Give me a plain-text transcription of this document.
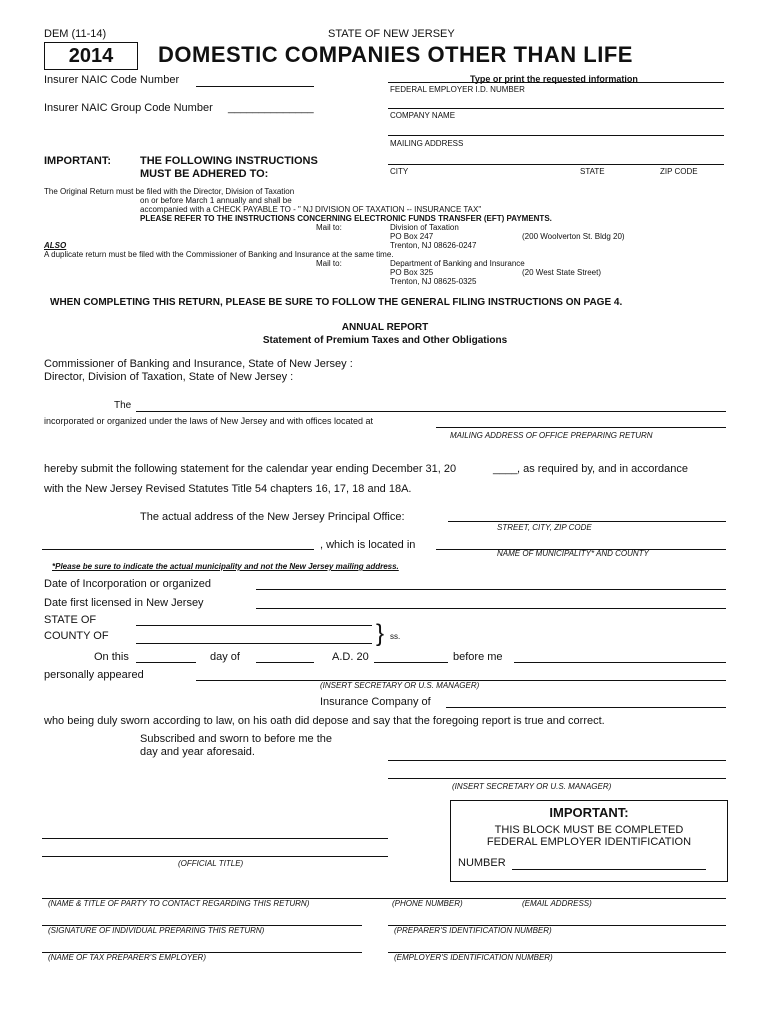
DEM (11-14)	STATE OF NEW JERSEY
2014	DOMESTIC COMPANIES OTHER THAN LIFE
Insurer NAIC Code Number
Insurer NAIC Group Code Number ______________
Type or print the requested information
FEDERAL EMPLOYER I.D. NUMBER
COMPANY NAME
MAILING ADDRESS
CITY	STATE	ZIP CODE
IMPORTANT:	THE FOLLOWING INSTRUCTIONS
MUST BE ADHERED TO:
The Original Return must be filed with the Director, Division of Taxation
on or before March 1 annually and shall be
accompanied with a CHECK PAYABLE TO - " NJ DIVISION OF TAXATION -- INSURANCE TAX"
PLEASE REFER TO THE INSTRUCTIONS CONCERNING ELECTRONIC FUNDS TRANSFER (EFT) PAYMENTS.
Mail to:	Division of Taxation
PO Box 247	(200 Woolverton St. Bldg 20)
ALSO	Trenton, NJ 08626-0247
A duplicate return must be filed with the Commissioner of Banking and Insurance at the same time.
Mail to:	Department of Banking and Insurance
PO Box 325	(20 West State Street)
Trenton, NJ 08625-0325
WHEN COMPLETING THIS RETURN, PLEASE BE SURE TO FOLLOW THE GENERAL FILING INSTRUCTIONS ON PAGE 4.
ANNUAL REPORT
Statement of Premium Taxes and Other Obligations
Commissioner of Banking and Insurance, State of New Jersey :
Director, Division of Taxation, State of New Jersey :
The
incorporated or organized under the laws of New Jersey and with offices located at
MAILING ADDRESS OF OFFICE PREPARING RETURN
hereby submit the following statement for the calendar year ending December 31, 20	____ , as required by, and in accordance
with the New Jersey Revised Statutes Title 54 chapters 16, 17, 18 and 18A.
The actual address of the New Jersey Principal Office:
STREET, CITY, ZIP CODE
, which is located in
NAME OF MUNICIPALITY* AND COUNTY
*Please be sure to indicate the actual municipality and not the New Jersey mailing address.
Date of Incorporation or organized
Date first licensed in New Jersey
STATE OF
COUNTY OF	} ss.
On this	day of	A.D. 20	before me
personally appeared
(INSERT SECRETARY OR U.S. MANAGER)
Insurance Company of
who being duly sworn according to law, on his oath did depose and say that the foregoing report is true and correct.
Subscribed and sworn to before me the
day and year aforesaid.
(INSERT SECRETARY OR U.S. MANAGER)
IMPORTANT:
THIS BLOCK MUST BE COMPLETED
FEDERAL EMPLOYER IDENTIFICATION
NUMBER
(OFFICIAL TITLE)
(NAME & TITLE OF PARTY TO CONTACT REGARDING THIS RETURN)	(PHONE NUMBER)	(EMAIL ADDRESS)
(SIGNATURE OF INDIVIDUAL PREPARING THIS RETURN)	(PREPARER'S IDENTIFICATION NUMBER)
(NAME OF TAX PREPARER'S EMPLOYER)	(EMPLOYER'S IDENTIFICATION NUMBER)
